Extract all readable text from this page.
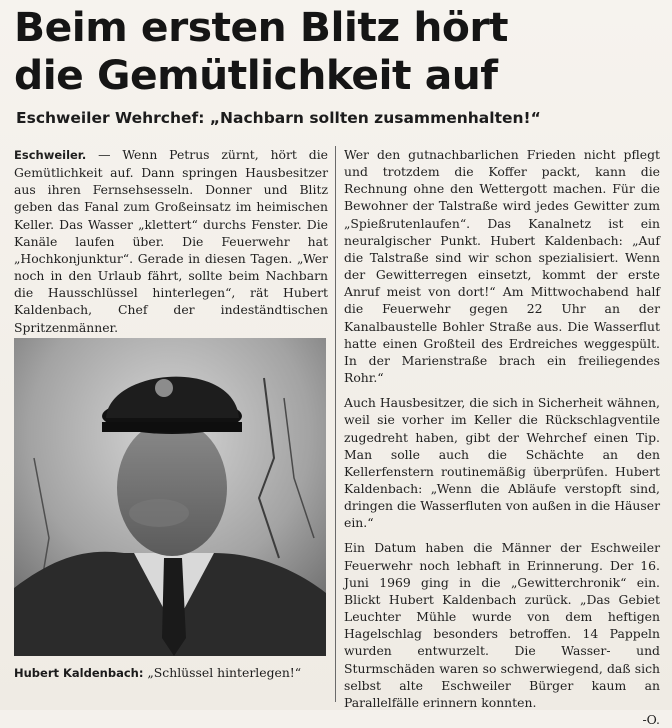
Beim ersten Blitz hört
die Gemütlichkeit auf
Eschweiler Wehrchef: „Nachbarn sollten zusammenhalten!“

Eschweiler. — Wenn Petrus zürnt, hört die Gemütlichkeit auf. Dann springen Hausbesitzer aus ihren Fernsehsesseln. Donner und Blitz geben das Fanal zum Großeinsatz im heimischen Keller. Das Wasser „klettert“ durchs Fenster. Die Kanäle laufen über. Die Feuerwehr hat „Hochkonjunktur“. Gerade in diesen Tagen. „Wer noch in den Urlaub fährt, sollte beim Nachbarn die Hausschlüssel hinterlegen“, rät Hubert Kaldenbach, Chef der indeständtischen Spritzenmänner.

Hubert Kaldenbach: „Schlüssel hinterlegen!“

Wer den gutnachbarlichen Frieden nicht pflegt und trotzdem die Koffer packt, kann die Rechnung ohne den Wettergott machen. Für die Bewohner der Talstraße wird jedes Gewitter zum „Spießrutenlaufen“. Das Kanalnetz ist ein neuralgischer Punkt. Hubert Kaldenbach: „Auf die Talstraße sind wir schon spezialisiert. Wenn der Gewitterregen einsetzt, kommt der erste Anruf meist von dort!“ Am Mittwochabend half die Feuerwehr gegen 22 Uhr an der Kanalbaustelle Bohler Straße aus. Die Wasserflut hatte einen Großteil des Erdreiches weggespült. In der Marienstraße brach ein freiliegendes Rohr.“

Auch Hausbesitzer, die sich in Sicherheit wähnen, weil sie vorher im Keller die Rückschlagventile zugedreht haben, gibt der Wehrchef einen Tip. Man solle auch die Schächte an den Kellerfenstern routinemäßig überprüfen. Hubert Kaldenbach: „Wenn die Abläufe verstopft sind, dringen die Wasserfluten von außen in die Häuser ein.“

Ein Datum haben die Männer der Eschweiler Feuerwehr noch lebhaft in Erinnerung. Der 16. Juni 1969 ging in die „Gewitterchronik“ ein. Blickt Hubert Kaldenbach zurück. „Das Gebiet Leuchter Mühle wurde von dem heftigen Hagelschlag besonders betroffen. 14 Pappeln wurden entwurzelt. Die Wasser- und Sturmschäden waren so schwerwiegend, daß sich selbst alte Eschweiler Bürger kaum an Parallelfälle erinnern konnten.

-O.
